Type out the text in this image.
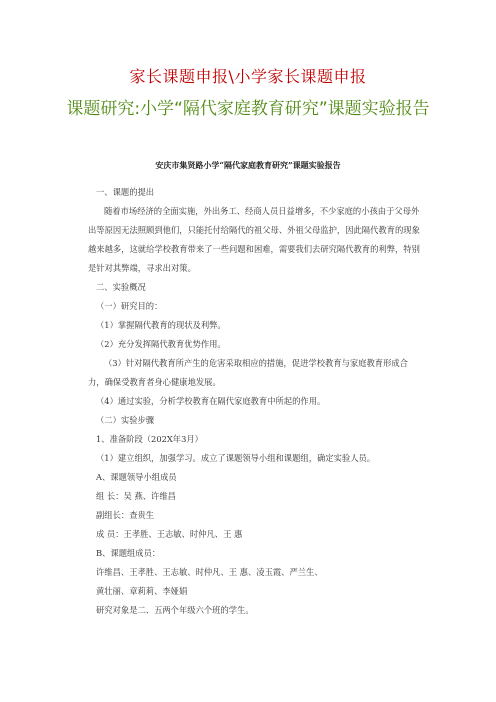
家长课题申报\小学家长课题申报
课题研究:小学“隔代家庭教育研究”课题实验报告
安庆市集贤路小学“隔代家庭教育研究”课题实验报告

一、课题的提出

随着市场经济的全面实施，外出务工、经商人员日益增多，不少家庭的小孩由于父母外出等原因无法照顾到他们，只能托付给隔代的祖父母、外祖父母监护，因此隔代教育的现象越来越多，这就给学校教育带来了一些问题和困难，需要我们去研究隔代教育的利弊，特别是针对其弊端，寻求出对策。

二、实验概况

（一）研究目的：

（1）掌握隔代教育的现状及利弊。

（2）充分发挥隔代教育优势作用。

（3）针对隔代教育所产生的危害采取相应的措施，促进学校教育与家庭教育形成合力，确保受教育者身心健康地发展。

（4）通过实验，分析学校教育在隔代家庭教育中所起的作用。

（二）实验步骤

1、准备阶段（202X年3月）

（1）建立组织，加强学习。成立了课题领导小组和课题组，确定实验人员。

A、课题领导小组成员

组 长：吴 燕、许维昌

副组长：查贵生

成 员：王孝胜、王志敏、时仲凡、王 惠

B、课题组成员：

许维昌、王孝胜、王志敏、时仲凡、王 惠、凌玉霞、严兰生、

黄壮丽、章莉莉、李娅娟

研究对象是二、五两个年级六个班的学生。
